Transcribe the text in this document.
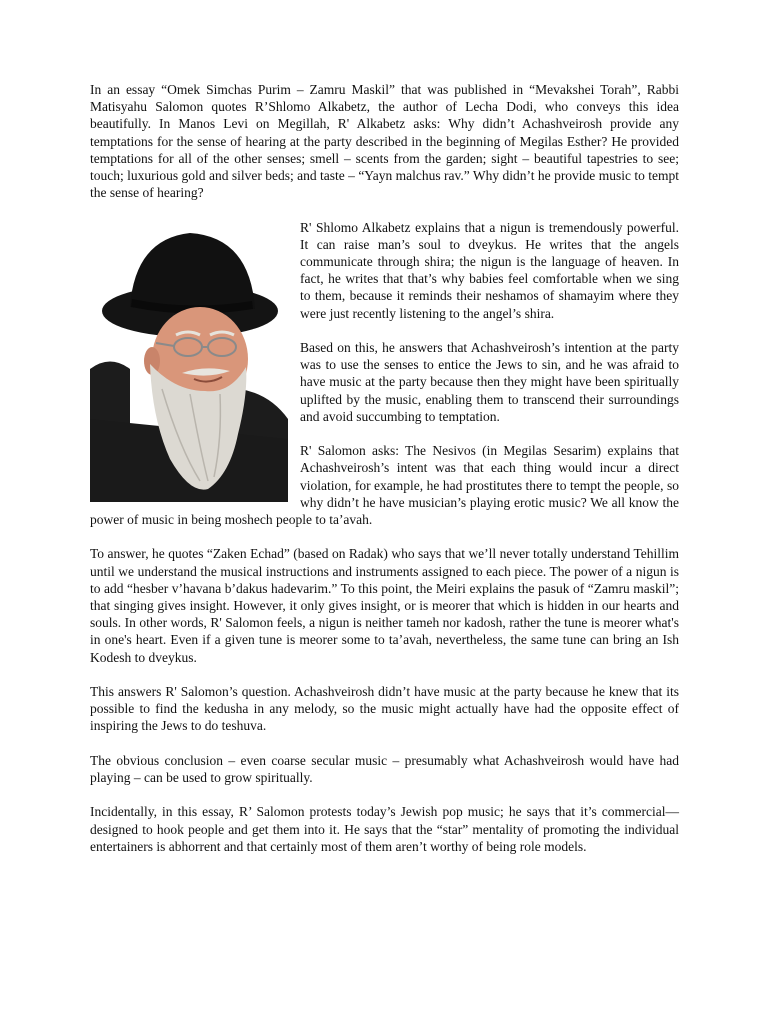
In an essay “Omek Simchas Purim – Zamru Maskil” that was published in “Mevakshei Torah”, Rabbi Matisyahu Salomon quotes R’Shlomo Alkabetz, the author of Lecha Dodi, who conveys this idea beautifully. In Manos Levi on Megillah, R' Alkabetz asks: Why didn’t Achashveirosh provide any temptations for the sense of hearing at the party described in the beginning of Megilas Esther? He provided temptations for all of the other senses; smell – scents from the garden; sight – beautiful tapestries to see; touch; luxurious gold and silver beds; and taste – “Yayn malchus rav.” Why didn’t he provide music to tempt the sense of hearing?

R' Shlomo Alkabetz explains that a nigun is tremendously powerful. It can raise man’s soul to dveykus. He writes that the angels communicate through shira; the nigun is the language of heaven. In fact, he writes that that’s why babies feel comfortable when we sing to them, because it reminds their neshamos of shamayim where they were just recently listening to the angel’s shira.

Based on this, he answers that Achashveirosh’s intention at the party was to use the senses to entice the Jews to sin, and he was afraid to have music at the party because then they might have been spiritually uplifted by the music, enabling them to transcend their surroundings and avoid succumbing to temptation.

R' Salomon asks: The Nesivos (in Megilas Sesarim) explains that Achashveirosh’s intent was that each thing would incur a direct violation, for example, he had prostitutes there to tempt the people, so why didn’t he have musician’s playing erotic music? We all know the power of music in being moshech people to ta’avah.

To answer, he quotes “Zaken Echad” (based on Radak) who says that we’ll never totally understand Tehillim until we understand the musical instructions and instruments assigned to each piece. The power of a nigun is to add “hesber v’havana b’dakus hadevarim.” To this point, the Meiri explains the pasuk of “Zamru maskil”; that singing gives insight. However, it only gives insight, or is meorer that which is hidden in our hearts and souls. In other words, R' Salomon feels, a nigun is neither tameh nor kadosh, rather the tune is meorer what's in one's heart. Even if a given tune is meorer some to ta’avah, nevertheless, the same tune can bring an Ish Kodesh to dveykus.

This answers R' Salomon’s question. Achashveirosh didn’t have music at the party because he knew that its possible to find the kedusha in any melody, so the music might actually have had the opposite effect of inspiring the Jews to do teshuva.

The obvious conclusion – even coarse secular music – presumably what Achashveirosh would have had playing – can be used to grow spiritually.

Incidentally, in this essay, R’ Salomon protests today’s Jewish pop music; he says that it’s commercial—designed to hook people and get them into it. He says that the “star” mentality of promoting the individual entertainers is abhorrent and that certainly most of them aren’t worthy of being role models.
